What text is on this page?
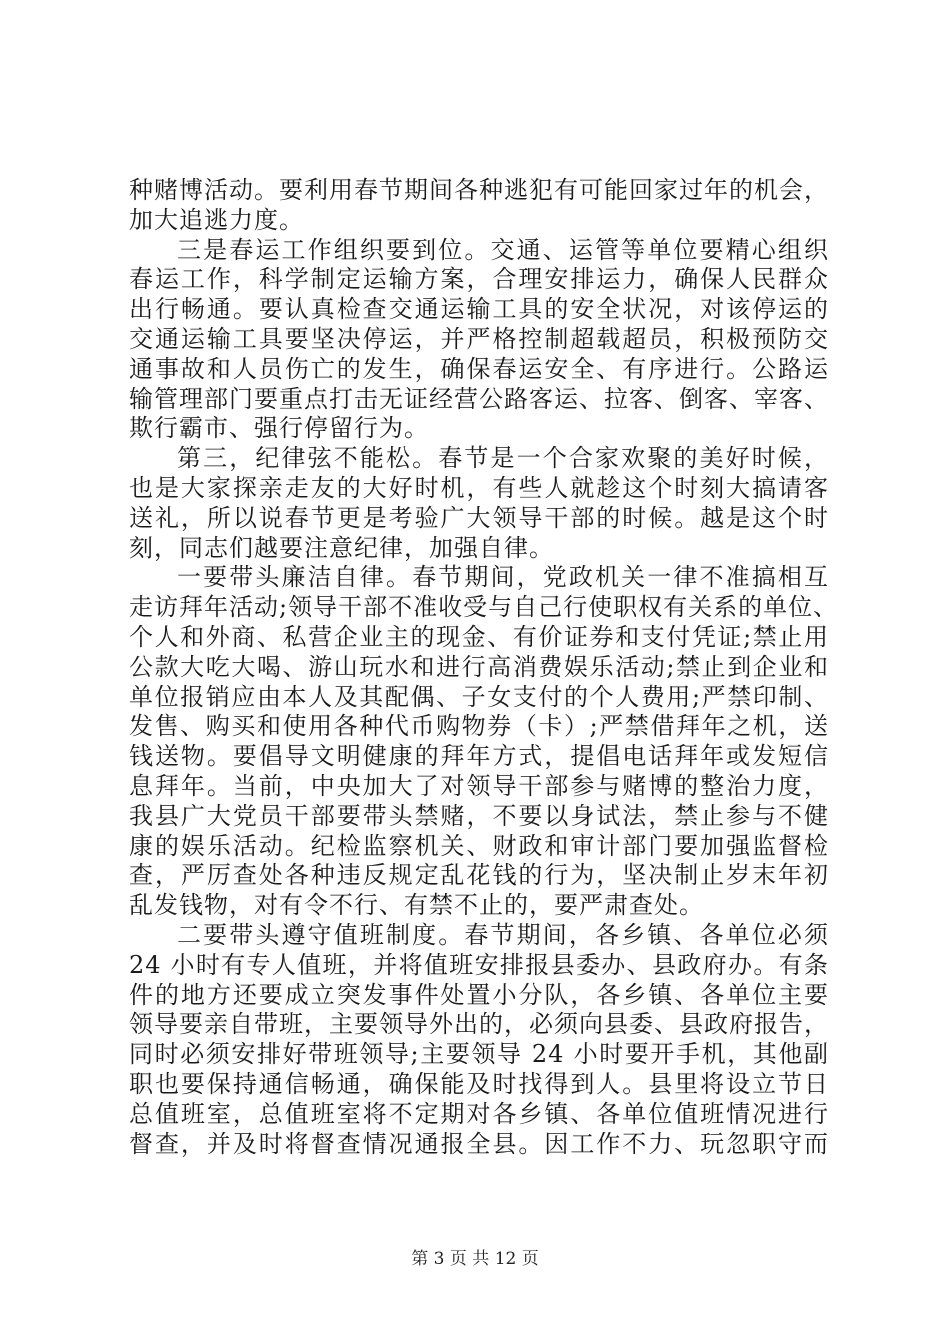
种赌博活动。要利用春节期间各种逃犯有可能回家过年的机会，
加大追逃力度。
三是春运工作组织要到位。交通、运管等单位要精心组织
春运工作，科学制定运输方案，合理安排运力，确保人民群众
出行畅通。要认真检查交通运输工具的安全状况，对该停运的
交通运输工具要坚决停运，并严格控制超载超员，积极预防交
通事故和人员伤亡的发生，确保春运安全、有序进行。公路运
输管理部门要重点打击无证经营公路客运、拉客、倒客、宰客、
欺行霸市、强行停留行为。
第三，纪律弦不能松。春节是一个合家欢聚的美好时候，
也是大家探亲走友的大好时机，有些人就趁这个时刻大搞请客
送礼，所以说春节更是考验广大领导干部的时候。越是这个时
刻，同志们越要注意纪律，加强自律。
一要带头廉洁自律。春节期间，党政机关一律不准搞相互
走访拜年活动;领导干部不准收受与自己行使职权有关系的单位、
个人和外商、私营企业主的现金、有价证券和支付凭证;禁止用
公款大吃大喝、游山玩水和进行高消费娱乐活动;禁止到企业和
单位报销应由本人及其配偶、子女支付的个人费用;严禁印制、
发售、购买和使用各种代币购物券（卡）;严禁借拜年之机，送
钱送物。要倡导文明健康的拜年方式，提倡电话拜年或发短信
息拜年。当前，中央加大了对领导干部参与赌博的整治力度，
我县广大党员干部要带头禁赌，不要以身试法，禁止参与不健
康的娱乐活动。纪检监察机关、财政和审计部门要加强监督检
查，严厉查处各种违反规定乱花钱的行为，坚决制止岁末年初
乱发钱物，对有令不行、有禁不止的，要严肃查处。
二要带头遵守值班制度。春节期间，各乡镇、各单位必须
24 小时有专人值班，并将值班安排报县委办、县政府办。有条
件的地方还要成立突发事件处置小分队，各乡镇、各单位主要
领导要亲自带班，主要领导外出的，必须向县委、县政府报告，
同时必须安排好带班领导;主要领导 24 小时要开手机，其他副
职也要保持通信畅通，确保能及时找得到人。县里将设立节日
总值班室，总值班室将不定期对各乡镇、各单位值班情况进行
督查，并及时将督查情况通报全县。因工作不力、玩忽职守而
第 3 页 共 12 页
